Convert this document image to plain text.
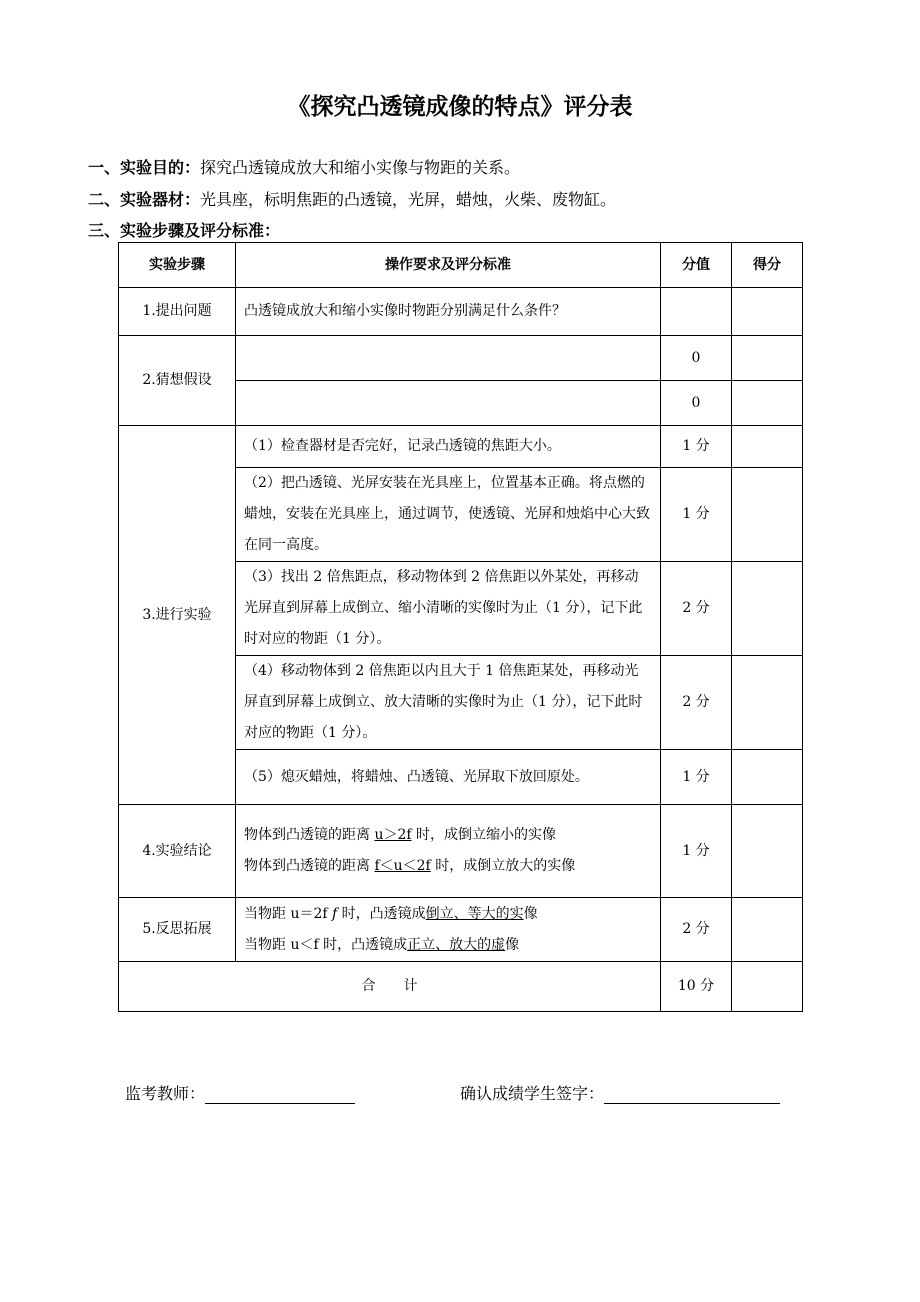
《探究凸透镜成像的特点》评分表
一、实验目的：探究凸透镜成放大和缩小实像与物距的关系。
二、实验器材：光具座，标明焦距的凸透镜，光屏，蜡烛，火柴、废物缸。
三、实验步骤及评分标准：
实验步骤	操作要求及评分标准	分值	得分
1.提出问题	凸透镜成放大和缩小实像时物距分别满足什么条件？		
2.猜想假设		0	
		0	
3.进行实验	（1）检查器材是否完好，记录凸透镜的焦距大小。	1 分	
	（2）把凸透镜、光屏安装在光具座上，位置基本正确。将点燃的蜡烛，安装在光具座上，通过调节，使透镜、光屏和烛焰中心大致在同一高度。	1 分	
	（3）找出 2 倍焦距点，移动物体到 2 倍焦距以外某处，再移动光屏直到屏幕上成倒立、缩小清晰的实像时为止（1 分），记下此时对应的物距（1 分）。	2 分	
	（4）移动物体到 2 倍焦距以内且大于 1 倍焦距某处，再移动光屏直到屏幕上成倒立、放大清晰的实像时为止（1 分），记下此时对应的物距（1 分）。	2 分	
	（5）熄灭蜡烛，将蜡烛、凸透镜、光屏取下放回原处。	1 分	
4.实验结论	物体到凸透镜的距离 u＞2f 时，成倒立缩小的实像
物体到凸透镜的距离 f＜u＜2f 时，成倒立放大的实像	1 分	
5.反思拓展	当物距 u＝2f f 时，凸透镜成倒立、等大的实像
当物距 u＜f 时，凸透镜成正立、放大的虚像	2 分	
合　　计		10 分	
监考教师：	确认成绩学生签字：
